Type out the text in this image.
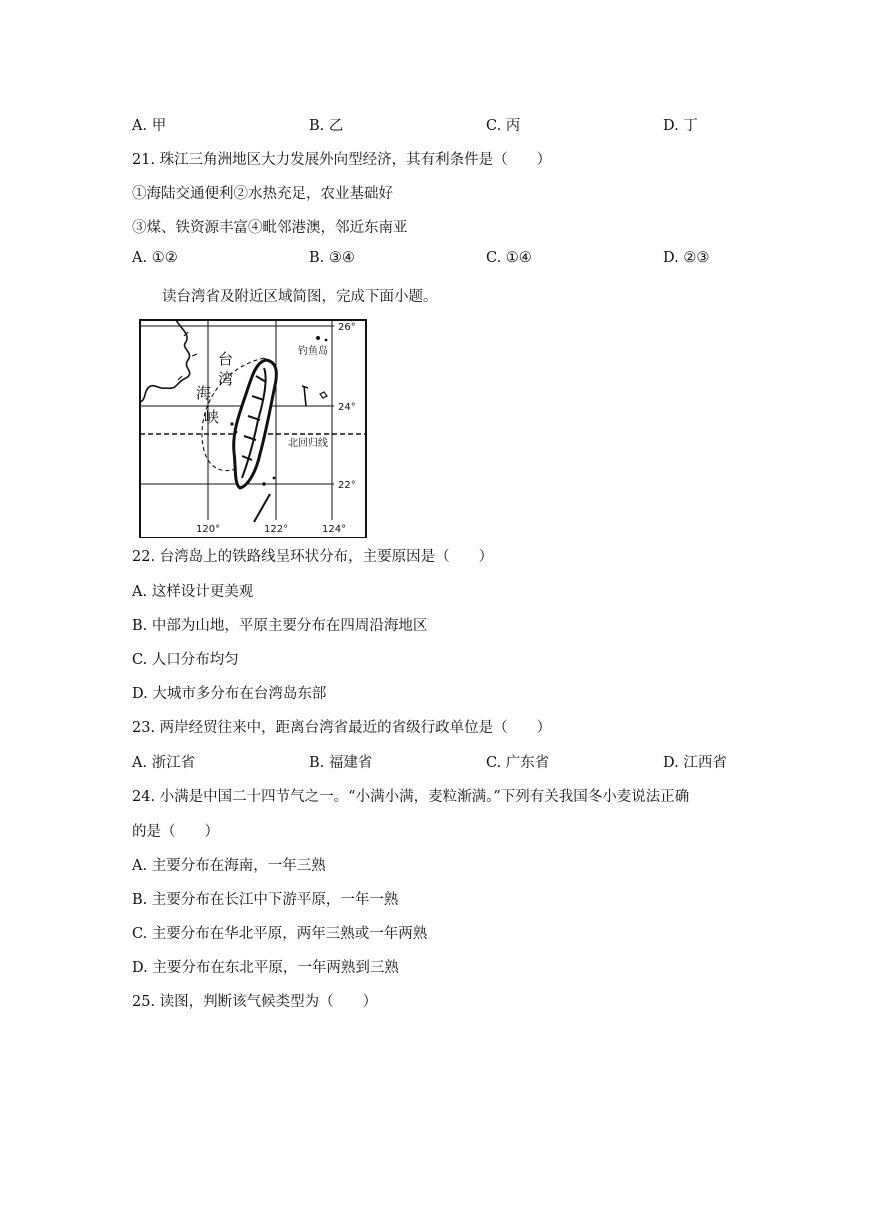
A. 甲	B. 乙	C. 丙	D. 丁
21. 珠江三角洲地区大力发展外向型经济，其有利条件是（　　）
①海陆交通便利②水热充足，农业基础好
③煤、铁资源丰富④毗邻港澳，邻近东南亚
A. ①②	B. ③④	C. ①④	D. ②③
读台湾省及附近区域简图，完成下面小题。
台
湾
海
峡
钓鱼岛
北回归线
26°
24°
22°
120°	122°	124°
22. 台湾岛上的铁路线呈环状分布，主要原因是（　　）
A. 这样设计更美观
B. 中部为山地，平原主要分布在四周沿海地区
C. 人口分布均匀
D. 大城市多分布在台湾岛东部
23. 两岸经贸往来中，距离台湾省最近的省级行政单位是（　　）
A. 浙江省	B. 福建省	C. 广东省	D. 江西省
24. 小满是中国二十四节气之一。“小满小满，麦粒渐满。”下列有关我国冬小麦说法正确
的是（　　）
A. 主要分布在海南，一年三熟
B. 主要分布在长江中下游平原，一年一熟
C. 主要分布在华北平原，两年三熟或一年两熟
D. 主要分布在东北平原，一年两熟到三熟
25. 读图，判断该气候类型为（　　）
